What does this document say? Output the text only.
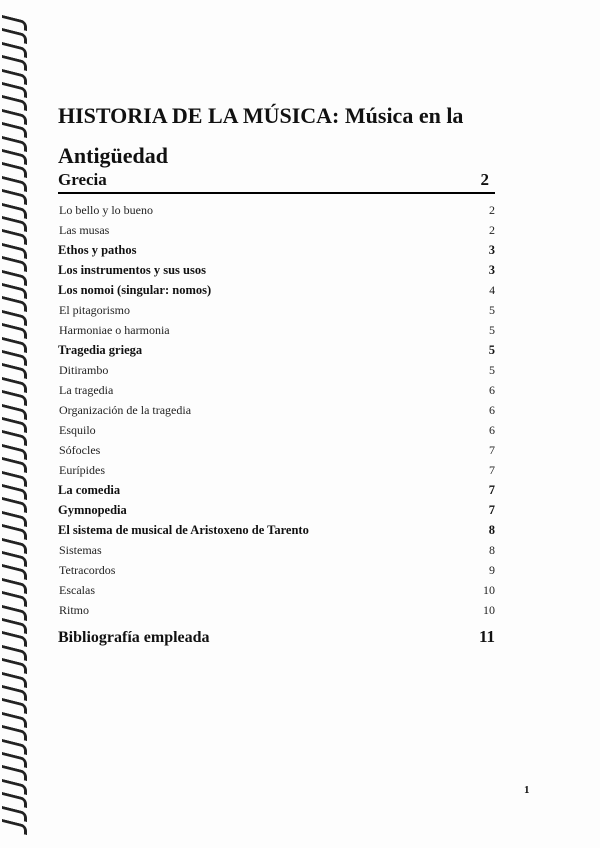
HISTORIA DE LA MÚSICA: Música en la Antigüedad
Grecia	2
Lo bello y lo bueno	2
Las musas	2
Ethos y pathos	3
Los instrumentos y sus usos	3
Los nomoi (singular: nomos)	4
El pitagorismo	5
Harmoniae o harmonia	5
Tragedia griega	5
Ditirambo	5
La tragedia	6
Organización de la tragedia	6
Esquilo	6
Sófocles	7
Eurípides	7
La comedia	7
Gymnopedia	7
El sistema de musical de Aristoxeno de Tarento	8
Sistemas	8
Tetracordos	9
Escalas	10
Ritmo	10
Bibliografía empleada	11
1
